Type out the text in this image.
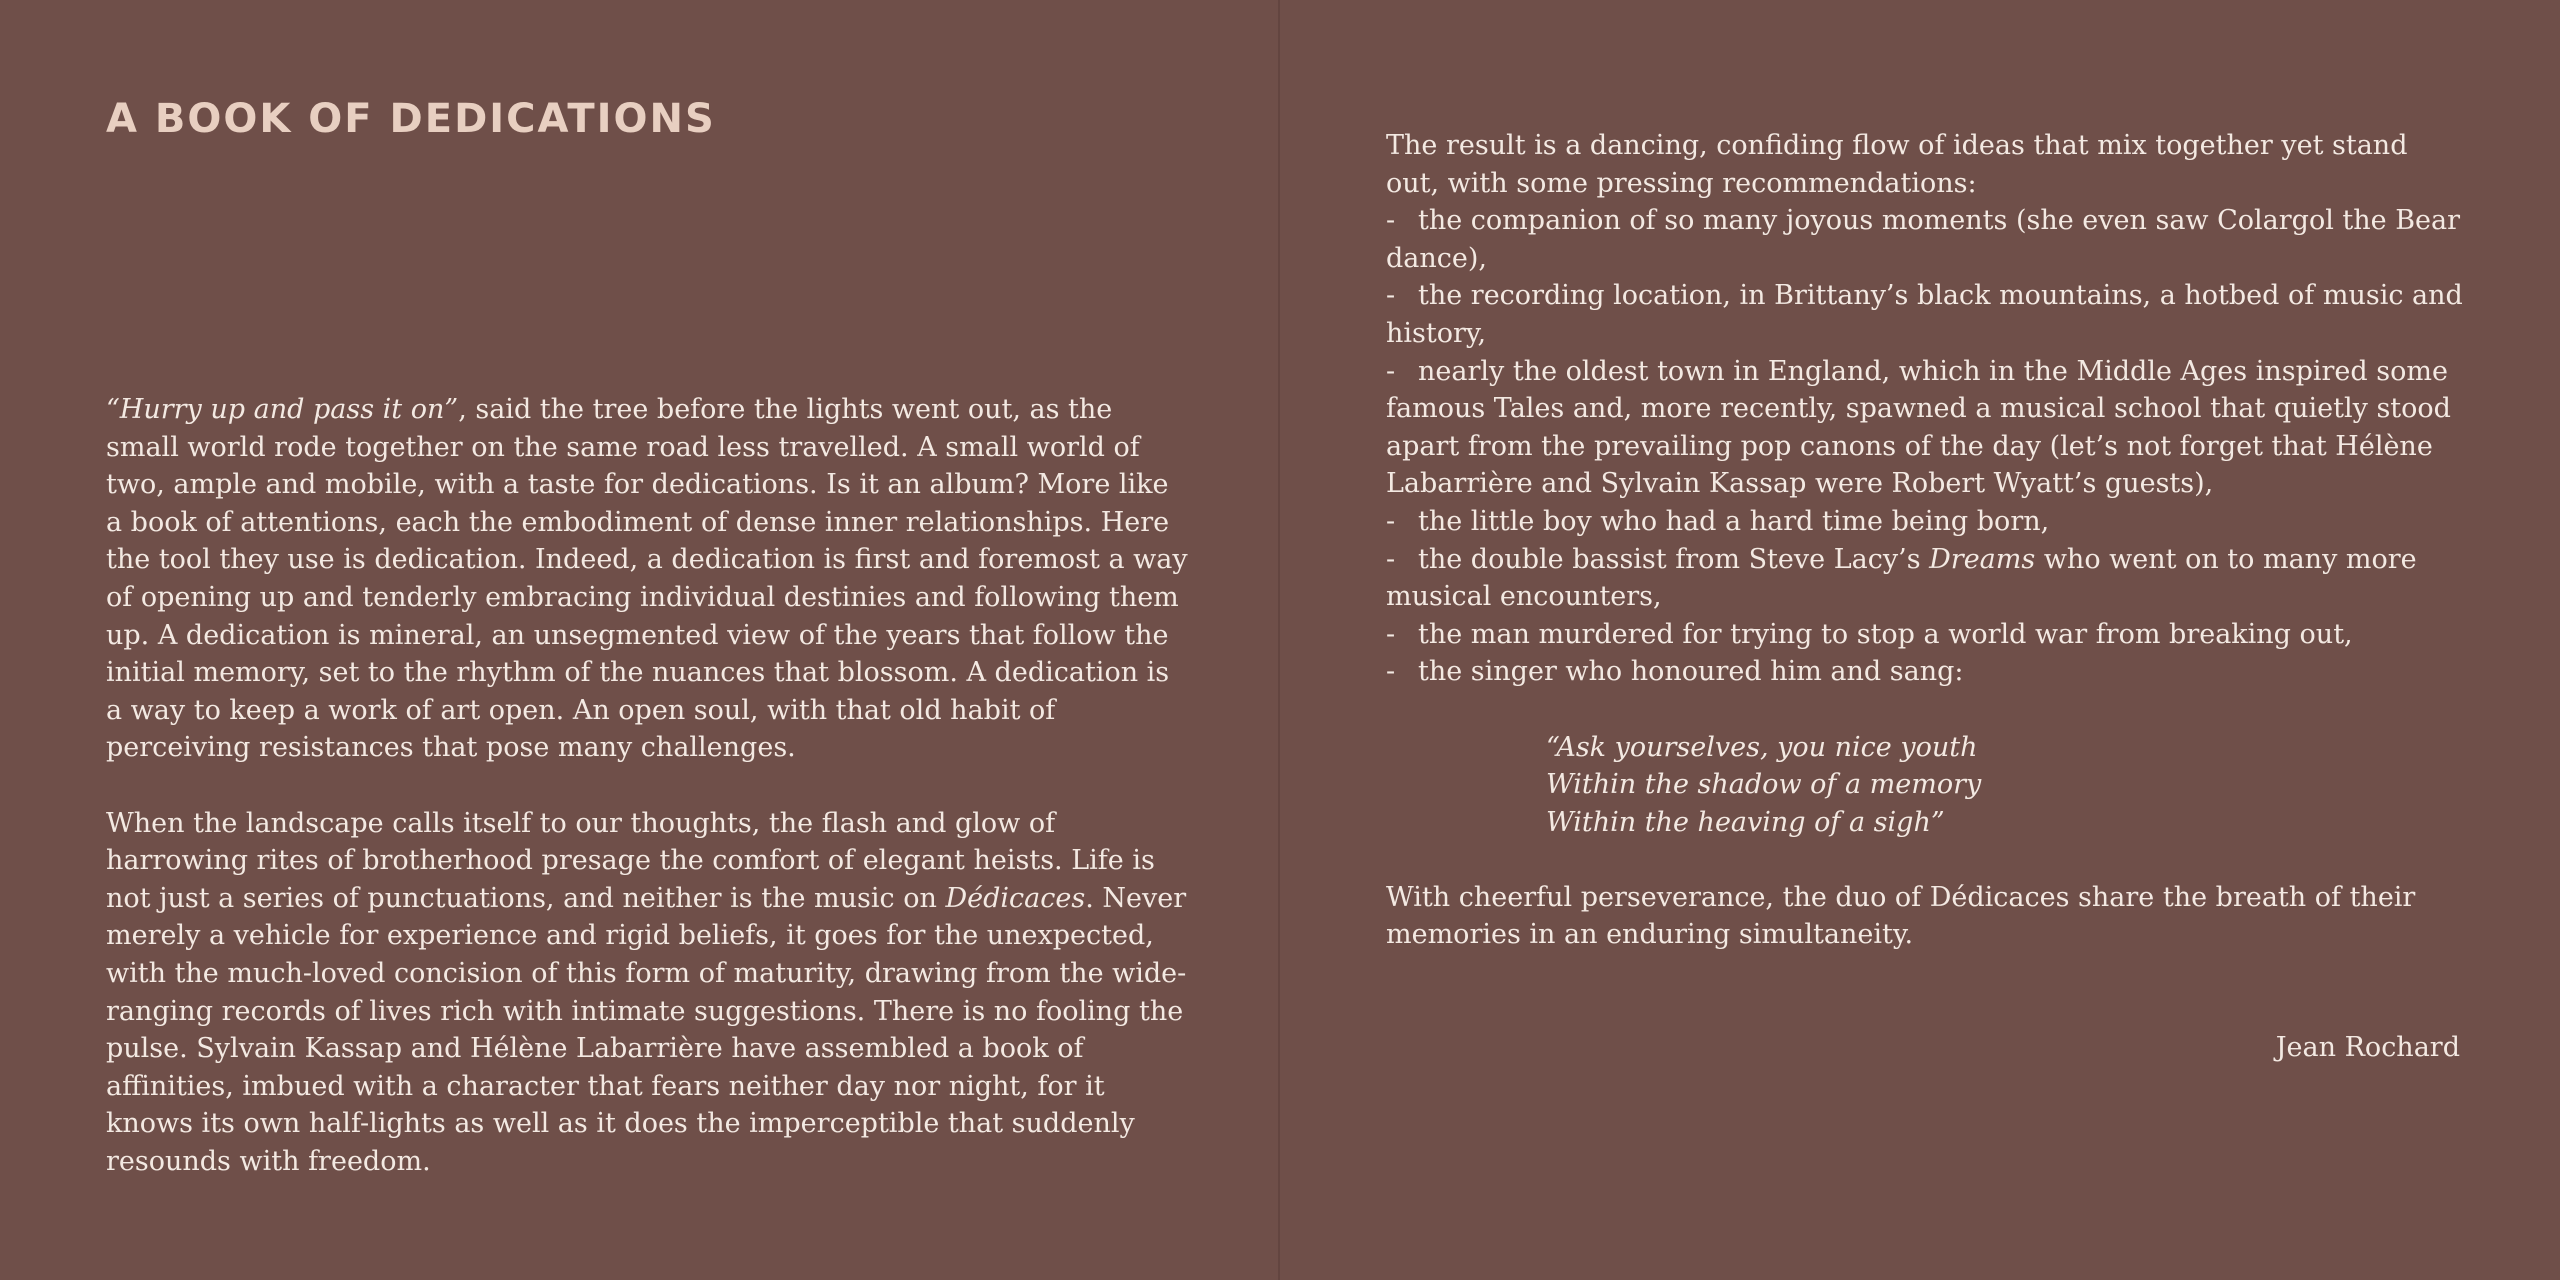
A BOOK OF DEDICATIONS

“Hurry up and pass it on”, said the tree before the lights went out, as the small world rode together on the same road less travelled. A small world of two, ample and mobile, with a taste for dedications. Is it an album? More like a book of attentions, each the embodiment of dense inner relationships. Here the tool they use is dedication. Indeed, a dedication is first and foremost a way of opening up and tenderly embracing individual destinies and following them up. A dedication is mineral, an unsegmented view of the years that follow the initial memory, set to the rhythm of the nuances that blossom. A dedication is a way to keep a work of art open. An open soul, with that old habit of perceiving resistances that pose many challenges.

When the landscape calls itself to our thoughts, the flash and glow of harrowing rites of brotherhood presage the comfort of elegant heists. Life is not just a series of punctuations, and neither is the music on Dédicaces. Never merely a vehicle for experience and rigid beliefs, it goes for the unexpected, with the much-loved concision of this form of maturity, drawing from the wide-ranging records of lives rich with intimate suggestions. There is no fooling the pulse. Sylvain Kassap and Hélène Labarrière have assembled a book of affinities, imbued with a character that fears neither day nor night, for it knows its own half-lights as well as it does the imperceptible that suddenly resounds with freedom.

The result is a dancing, confiding flow of ideas that mix together yet stand out, with some pressing recommendations:

- the companion of so many joyous moments (she even saw Colargol the Bear dance),
- the recording location, in Brittany’s black mountains, a hotbed of music and history,
- nearly the oldest town in England, which in the Middle Ages inspired some famous Tales and, more recently, spawned a musical school that quietly stood apart from the prevailing pop canons of the day (let’s not forget that Hélène Labarrière and Sylvain Kassap were Robert Wyatt’s guests),
- the little boy who had a hard time being born,
- the double bassist from Steve Lacy’s Dreams who went on to many more musical encounters,
- the man murdered for trying to stop a world war from breaking out,
- the singer who honoured him and sang:
“Ask yourselves, you nice youth
Within the shadow of a memory
Within the heaving of a sigh”

With cheerful perseverance, the duo of Dédicaces share the breath of their memories in an enduring simultaneity.

Jean Rochard
